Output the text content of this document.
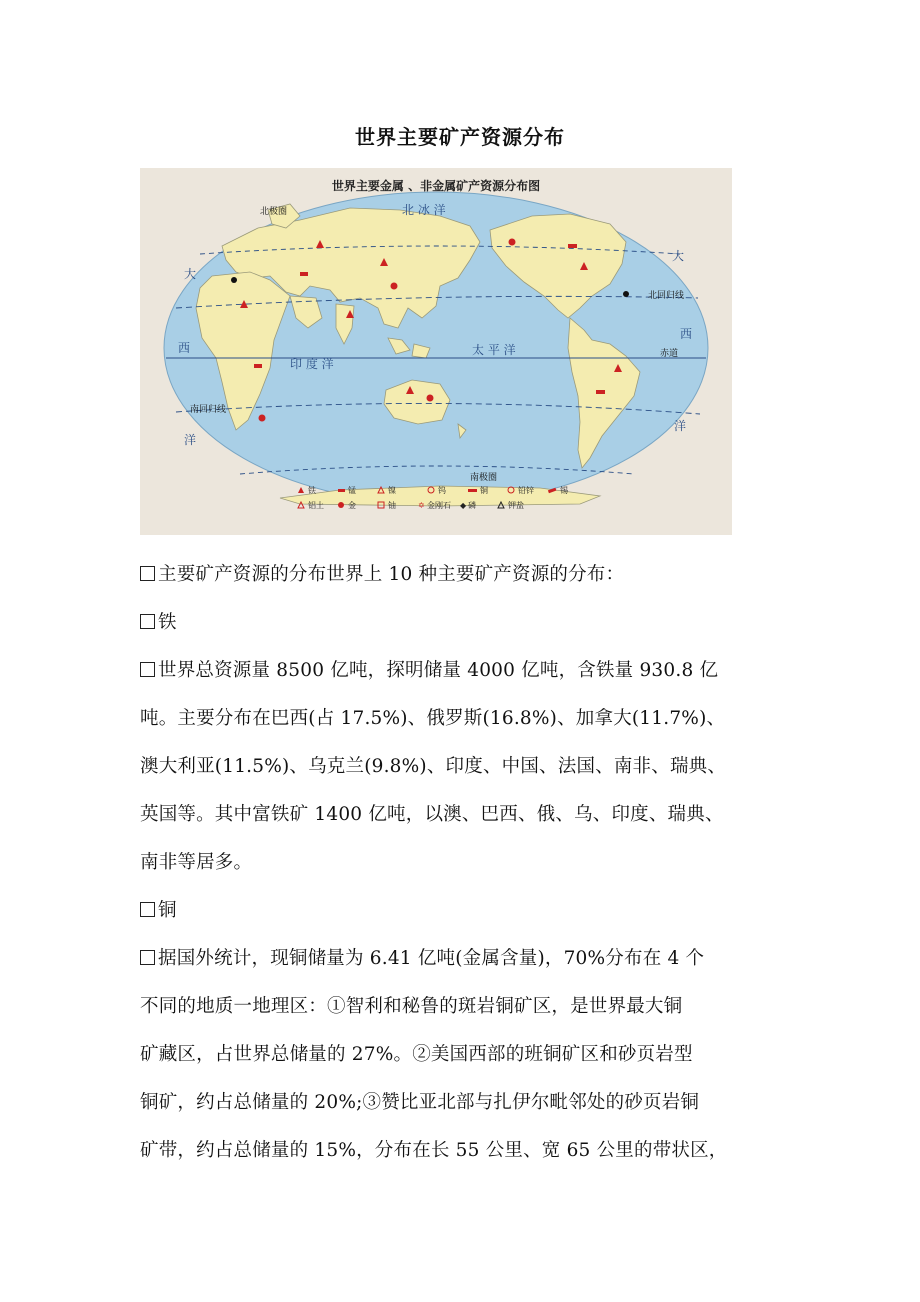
世界主要矿产资源分布
世界主要金属 、非金属矿产资源分布图
北 冰 洋
北极圈
北回归线
赤道
南回归线
南极圈
印 度 洋
太 平 洋
大
西
洋
大
西
洋
铁	锰	镍	钨	铜	铅锌	锡
铝土	金	铀	✡ 金刚石 ◆ 磷	钾盐
主要矿产资源的分布世界上 10 种主要矿产资源的分布：
铁
世界总资源量 8500 亿吨，探明储量 4000 亿吨，含铁量 930.8 亿
吨。主要分布在巴西(占 17.5%)、俄罗斯(16.8%)、加拿大(11.7%)、
澳大利亚(11.5%)、乌克兰(9.8%)、印度、中国、法国、南非、瑞典、
英国等。其中富铁矿 1400 亿吨，以澳、巴西、俄、乌、印度、瑞典、
南非等居多。
铜
据国外统计，现铜储量为 6.41 亿吨(金属含量)，70%分布在 4 个
不同的地质一地理区：①智利和秘鲁的斑岩铜矿区，是世界最大铜
矿藏区，占世界总储量的 27%。②美国西部的班铜矿区和砂页岩型
铜矿，约占总储量的 20%;③赞比亚北部与扎伊尔毗邻处的砂页岩铜
矿带，约占总储量的 15%，分布在长 55 公里、宽 65 公里的带状区，
